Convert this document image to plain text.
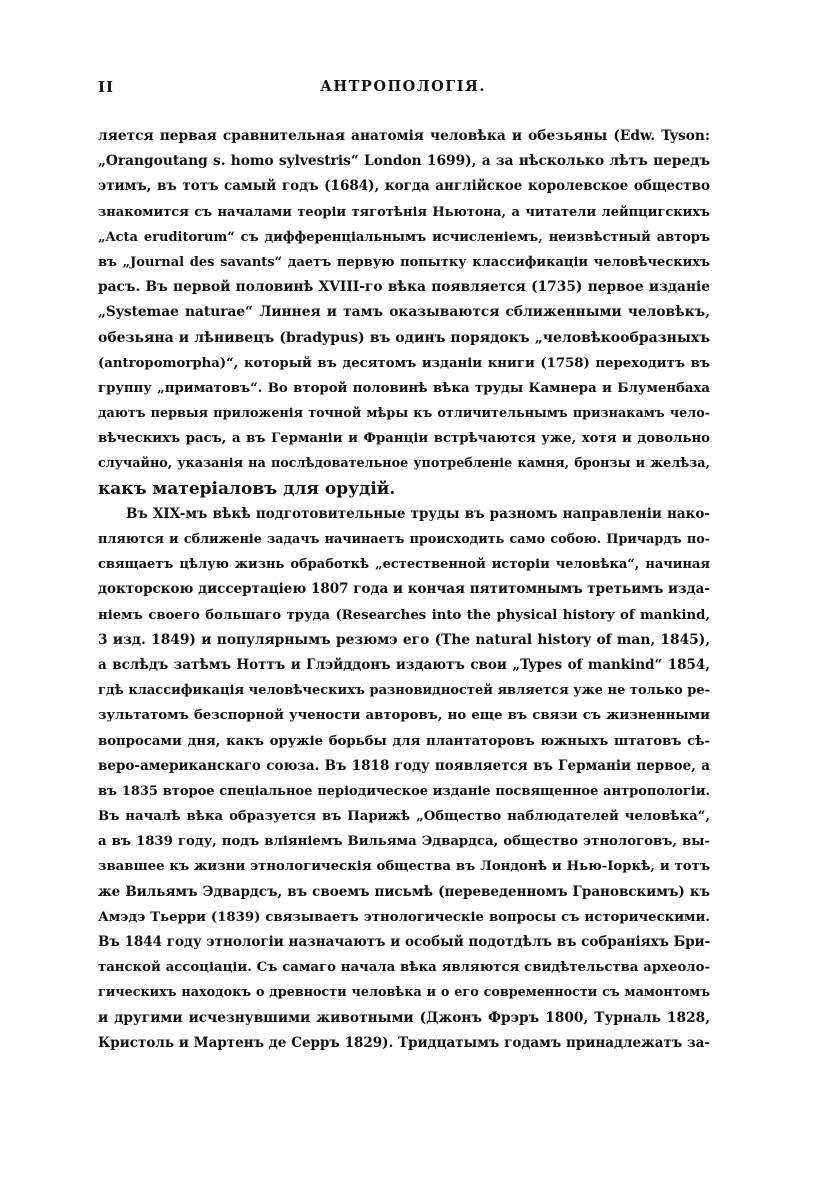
II	АНТРОПОЛОГІЯ.
ляется первая сравнительная анатомія человѣка и обезьяны (Edw. Tyson:
„Orangoutang s. homo sylvestris“ London 1699), а за нѣсколько лѣтъ передъ
этимъ, въ тотъ самый годъ (1684), когда англійское королевское общество
знакомится съ началами теоріи тяготѣнія Ньютона, а читатели лейпцигскихъ
„Acta eruditorum“ съ дифференціальнымъ исчисленіемъ, неизвѣстный авторъ
въ „Journal des savants“ даетъ первую попытку классификаціи человѣческихъ
расъ. Въ первой половинѣ XVIII-го вѣка появляется (1735) первое изданіе
„Systemae naturae“ Линнея и тамъ оказываются сближенными человѣкъ,
обезьяна и лѣнивецъ (bradypus) въ одинъ порядокъ „человѣкообразныхъ
(antropomorpha)“, который въ десятомъ изданіи книги (1758) переходитъ въ
группу „приматовъ“. Во второй половинѣ вѣка труды Камнера и Блуменбаха
даютъ первыя приложенія точной мѣры къ отличительнымъ признакамъ чело-
вѣческихъ расъ, а въ Германіи и Франціи встрѣчаются уже, хотя и довольно
случайно, указанія на послѣдовательное употребленіе камня, бронзы и желѣза,
какъ матеріаловъ для орудій.
Въ XIX-мъ вѣкѣ подготовительные труды въ разномъ направленіи нако-
пляются и сближеніе задачъ начинаетъ происходить само собою. Причардъ по-
свящаетъ цѣлую жизнь обработкѣ „естественной исторіи человѣка“, начиная
докторскою диссертаціею 1807 года и кончая пятитомнымъ третьимъ изда-
ніемъ своего большаго труда (Researches into the physical history of mankind,
3 изд. 1849) и популярнымъ резюмэ его (The natural history of man, 1845),
а вслѣдъ затѣмъ Ноттъ и Глэйддонъ издаютъ свои „Types of mankind“ 1854,
гдѣ классификація человѣческихъ разновидностей является уже не только ре-
зультатомъ безспорной учености авторовъ, но еще въ связи съ жизненными
вопросами дня, какъ оружіе борьбы для плантаторовъ южныхъ штатовъ сѣ-
веро-американскаго союза. Въ 1818 году появляется въ Германіи первое, а
въ 1835 второе спеціальное періодическое изданіе посвященное антропологіи.
Въ началѣ вѣка образуется въ Парижѣ „Общество наблюдателей человѣка“,
а въ 1839 году, подъ вліяніемъ Вильяма Эдвардса, общество этнологовъ, вы-
звавшее къ жизни этнологическія общества въ Лондонѣ и Нью-Іоркѣ, и тотъ
же Вильямъ Эдвардсъ, въ своемъ письмѣ (переведенномъ Грановскимъ) къ
Амэдэ Тьерри (1839) связываетъ этнологическіе вопросы съ историческими.
Въ 1844 году этнологіи назначаютъ и особый подотдѣлъ въ собраніяхъ Бри-
танской ассоціаціи. Съ самаго начала вѣка являются свидѣтельства археоло-
гическихъ находокъ о древности человѣка и о его современности съ мамонтомъ
и другими исчезнувшими животными (Джонъ Фрэръ 1800, Турналь 1828,
Кристоль и Мартенъ де Серръ 1829). Тридцатымъ годамъ принадлежатъ за-
